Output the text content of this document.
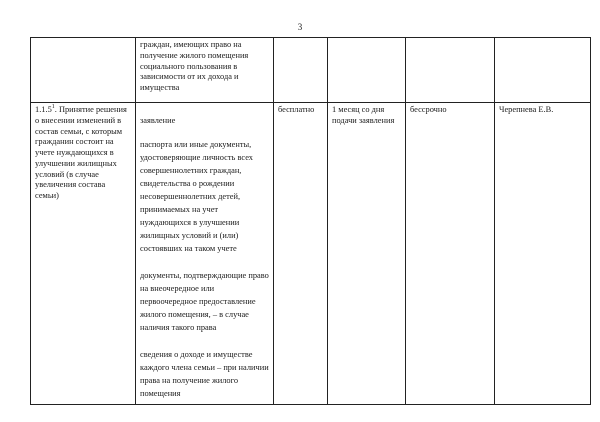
3
	граждан, имеющих право на получение жилого помещения социального пользования в зависимости от их дохода и имущества				
1.1.5$^1$. Принятие решения о внесении изменений в состав семьи, с которым гражданин состоит на учете нуждающихся в улучшении жилищных условий (в случае увеличения состава семьи)	заявление
паспорта или иные документы, удостоверяющие личность всех совершеннолетних граждан, свидетельства о рождении несовершеннолетних детей, принимаемых на учет нуждающихся в улучшении жилищных условий и (или) состоявших на таком учете
документы, подтверждающие право на внеочередное или первоочередное предоставление жилого помещения, – в случае наличия такого права
сведения о доходе и имуществе каждого члена семьи – при наличии права на получение жилого помещения	бесплатно	1 месяц со дня подачи заявления	бессрочно	Черепнева Е.В.
